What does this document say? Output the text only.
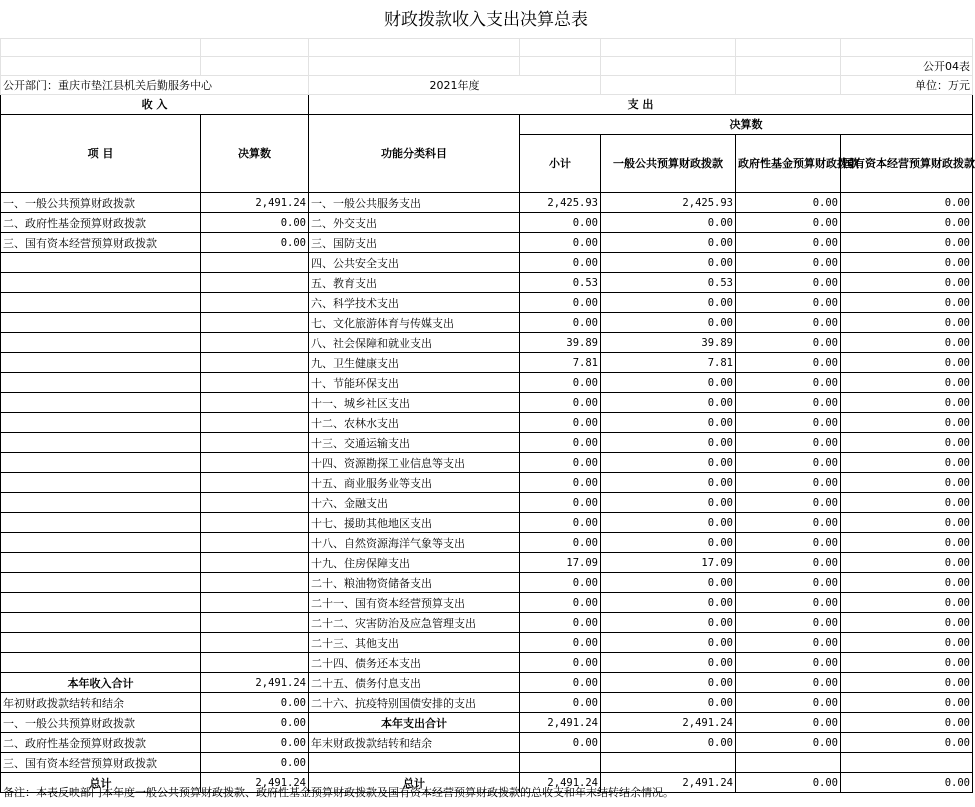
财政拨款收入支出决算总表

						公开04表
公开部门：重庆市垫江县机关后勤服务中心		2021年度				单位：万元
收 入		支 出				
项 目	决算数	功能分类科目	决算数			
			小计	一般公共预算财政拨款	政府性基金预算财政拨款	国有资本经营预算财政拨款

一、一般公共预算财政拨款	2,491.24	一、一般公共服务支出	2,425.93	2,425.93	0.00	0.00
二、政府性基金预算财政拨款	0.00	二、外交支出	0.00	0.00	0.00	0.00
三、国有资本经营预算财政拨款	0.00	三、国防支出	0.00	0.00	0.00	0.00
		四、公共安全支出	0.00	0.00	0.00	0.00
		五、教育支出	0.53	0.53	0.00	0.00
		六、科学技术支出	0.00	0.00	0.00	0.00
		七、文化旅游体育与传媒支出	0.00	0.00	0.00	0.00
		八、社会保障和就业支出	39.89	39.89	0.00	0.00
		九、卫生健康支出	7.81	7.81	0.00	0.00
		十、节能环保支出	0.00	0.00	0.00	0.00
		十一、城乡社区支出	0.00	0.00	0.00	0.00
		十二、农林水支出	0.00	0.00	0.00	0.00
		十三、交通运输支出	0.00	0.00	0.00	0.00
		十四、资源勘探工业信息等支出	0.00	0.00	0.00	0.00
		十五、商业服务业等支出	0.00	0.00	0.00	0.00
		十六、金融支出	0.00	0.00	0.00	0.00
		十七、援助其他地区支出	0.00	0.00	0.00	0.00
		十八、自然资源海洋气象等支出	0.00	0.00	0.00	0.00
		十九、住房保障支出	17.09	17.09	0.00	0.00
		二十、粮油物资储备支出	0.00	0.00	0.00	0.00
		二十一、国有资本经营预算支出	0.00	0.00	0.00	0.00
		二十二、灾害防治及应急管理支出	0.00	0.00	0.00	0.00
		二十三、其他支出	0.00	0.00	0.00	0.00
		二十四、债务还本支出	0.00	0.00	0.00	0.00
本年收入合计	2,491.24	二十五、债务付息支出	0.00	0.00	0.00	0.00
年初财政拨款结转和结余	0.00	二十六、抗疫特别国债安排的支出	0.00	0.00	0.00	0.00
一、一般公共预算财政拨款	0.00	本年支出合计	2,491.24	2,491.24	0.00	0.00
二、政府性基金预算财政拨款	0.00	年末财政拨款结转和结余	0.00	0.00	0.00	0.00
三、国有资本经营预算财政拨款	0.00					
总计	2,491.24	总计	2,491.24	2,491.24	0.00	0.00
备注：本表反映部门本年度一般公共预算财政拨款、政府性基金预算财政拨款及国有资本经营预算财政拨款的总收支和年末结转结余情况。
